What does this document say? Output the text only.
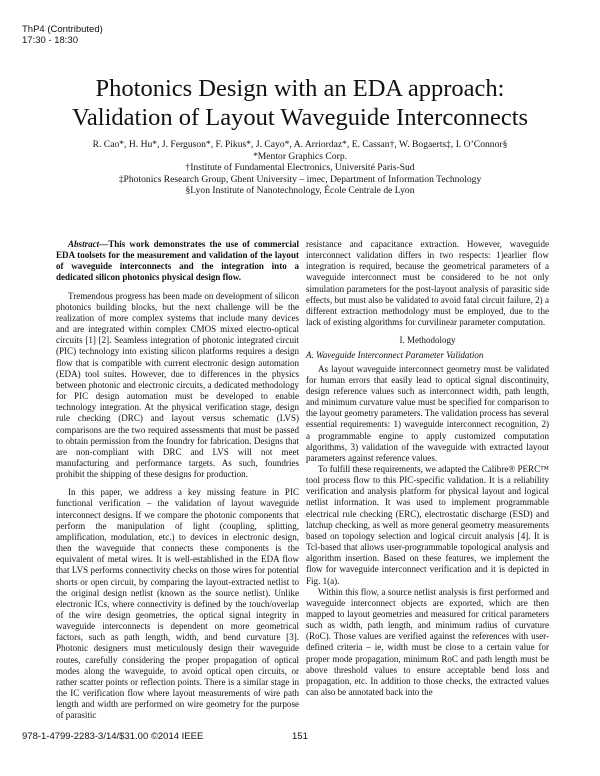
ThP4 (Contributed)
17:30 - 18:30
Photonics Design with an EDA approach:
Validation of Layout Waveguide Interconnects
R. Cao*, H. Hu*, J. Ferguson*, F. Pikus*, J. Cayo*, A. Arriordaz*, E. Cassan†, W. Bogaerts‡, I. O’Connor§
*Mentor Graphics Corp.
†Institute of Fundamental Electronics, Université Paris-Sud
‡Photonics Research Group, Ghent University – imec, Department of Information Technology
§Lyon Institute of Nanotechnology, École Centrale de Lyon

Abstract—This work demonstrates the use of commercial EDA toolsets for the measurement and validation of the layout of waveguide interconnects and the integration into a dedicated silicon photonics physical design flow.

Tremendous progress has been made on development of silicon photonics building blocks, but the next challenge will be the realization of more complex systems that include many devices and are integrated within complex CMOS mixed electro-optical circuits [1] [2]. Seamless integration of photonic integrated circuit (PIC) technology into existing silicon platforms requires a design flow that is compatible with current electronic design automation (EDA) tool suites. However, due to differences in the physics between photonic and electronic circuits, a dedicated methodology for PIC design automation must be developed to enable technology integration. At the physical verification stage, design rule checking (DRC) and layout versus schematic (LVS) comparisons are the two required assessments that must be passed to obtain permission from the foundry for fabrication. Designs that are non-compliant with DRC and LVS will not meet manufacturing and performance targets. As such, foundries prohibit the shipping of these designs for production.

In this paper, we address a key missing feature in PIC functional verification – the validation of layout waveguide interconnect designs. If we compare the photonic components that perform the manipulation of light (coupling, splitting, amplification, modulation, etc.) to devices in electronic design, then the waveguide that connects these components is the equivalent of metal wires. It is well-established in the EDA flow that LVS performs connectivity checks on those wires for potential shorts or open circuit, by comparing the layout-extracted netlist to the original design netlist (known as the source netlist). Unlike electronic ICs, where connectivity is defined by the touch/overlap of the wire design geometries, the optical signal integrity in waveguide interconnects is dependent on more geometrical factors, such as path length, width, and bend curvature [3]. Photonic designers must meticulously design their waveguide routes, carefully considering the proper propagation of optical modes along the waveguide, to avoid optical open circuits, or rather scatter points or reflection points. There is a similar stage in the IC verification flow where layout measurements of wire path length and width are performed on wire geometry for the purpose of parasitic

resistance and capacitance extraction. However, waveguide interconnect validation differs in two respects: 1)earlier flow integration is required, because the geometrical parameters of a waveguide interconnect must be considered to be not only simulation parameters for the post-layout analysis of parasitic side effects, but must also be validated to avoid fatal circuit failure, 2) a different extraction methodology must be employed, due to the lack of existing algorithms for curvilinear parameter computation.

I. Methodology
A. Waveguide Interconnect Parameter Validation

As layout waveguide interconnect geometry must be validated for human errors that easily lead to optical signal discontinuity, design reference values such as interconnect width, path length, and minimum curvature value must be specified for comparison to the layout geometry parameters. The validation process has several essential requirements: 1) waveguide interconnect recognition, 2) a programmable engine to apply customized computation algorithms, 3) validation of the waveguide with extracted layout parameters against reference values.

To fulfill these requirements, we adapted the Calibre® PERC™ tool process flow to this PIC-specific validation. It is a reliability verification and analysis platform for physical layout and logical netlist information. It was used to implement programmable electrical rule checking (ERC), electrostatic discharge (ESD) and latchup checking, as well as more general geometry measurements based on topology selection and logical circuit analysis [4]. It is Tcl-based that allows user-programmable topological analysis and algorithm insertion. Based on these features, we implement the flow for waveguide interconnect verification and it is depicted in Fig. 1(a).

Within this flow, a source netlist analysis is first performed and waveguide interconnect objects are exported, which are then mapped to layout geometries and measured for critical parameters such as width, path length, and minimum radius of curvature (RoC). Those values are verified against the references with user-defined criteria – ie, width must be close to a certain value for proper mode propagation, minimum RoC and path length must be above threshold values to ensure acceptable bend loss and propagation, etc. In addition to those checks, the extracted values can also be annotated back into the

978-1-4799-2283-3/14/$31.00 ©2014 IEEE	151
